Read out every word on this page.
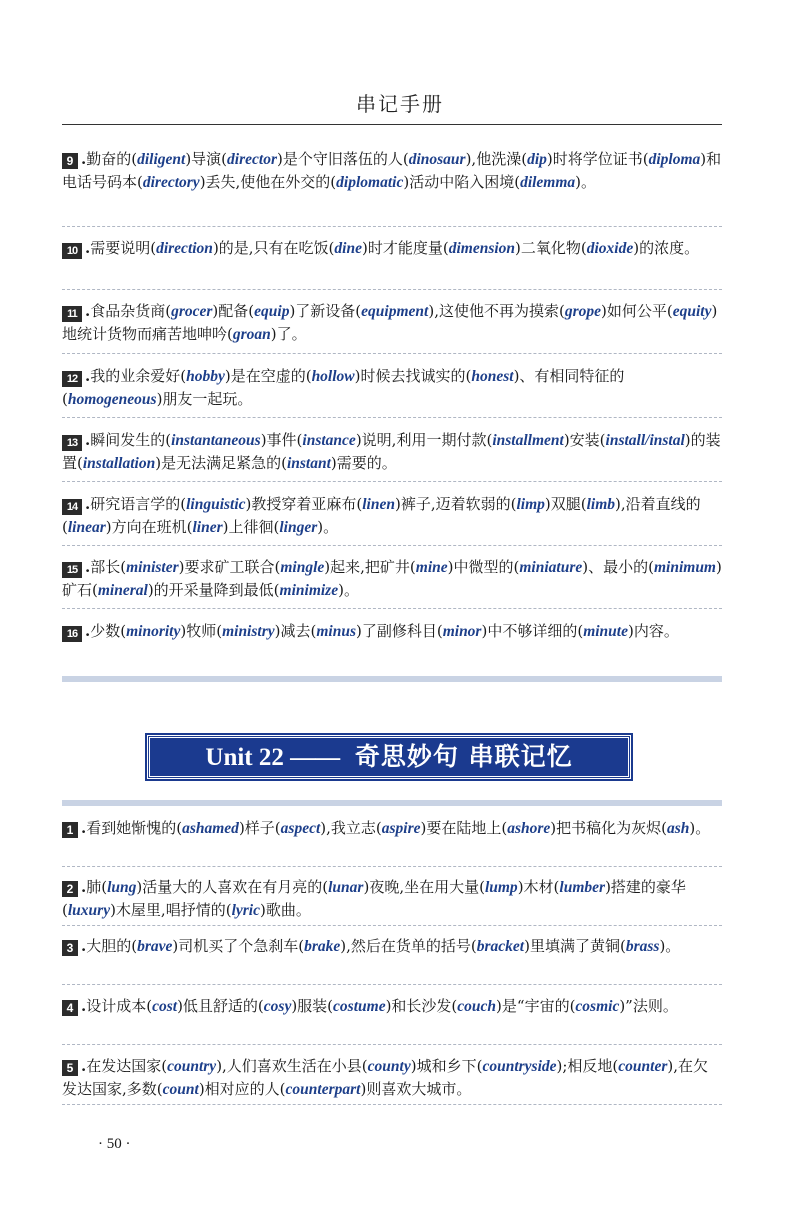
串记手册
9 .勤奋的(diligent)导演(director)是个守旧落伍的人(dinosaur),他洗澡(dip)时将学位证书(diploma)和电话号码本(directory)丢失,使他在外交的(diplomatic)活动中陷入困境(dilemma)。
10 .需要说明(direction)的是,只有在吃饭(dine)时才能度量(dimension)二氧化物(dioxide)的浓度。
11 .食品杂货商(grocer)配备(equip)了新设备(equipment),这使他不再为摸索(grope)如何公平(equity)地统计货物而痛苦地呻吟(groan)了。
12 .我的业余爱好(hobby)是在空虚的(hollow)时候去找诚实的(honest)、有相同特征的(homogeneous)朋友一起玩。
13 .瞬间发生的(instantaneous)事件(instance)说明,利用一期付款(installment)安装(install/instal)的装置(installation)是无法满足紧急的(instant)需要的。
14 .研究语言学的(linguistic)教授穿着亚麻布(linen)裤子,迈着软弱的(limp)双腿(limb),沿着直线的(linear)方向在班机(liner)上徘徊(linger)。
15 .部长(minister)要求矿工联合(mingle)起来,把矿井(mine)中微型的(miniature)、最小的(minimum)矿石(mineral)的开采量降到最低(minimize)。
16 .少数(minority)牧师(ministry)减去(minus)了副修科目(minor)中不够详细的(minute)内容。
Unit 22 —— 奇思妙句 串联记忆
1 .看到她惭愧的(ashamed)样子(aspect),我立志(aspire)要在陆地上(ashore)把书稿化为灰烬(ash)。
2 .肺(lung)活量大的人喜欢在有月亮的(lunar)夜晚,坐在用大量(lump)木材(lumber)搭建的豪华(luxury)木屋里,唱抒情的(lyric)歌曲。
3 .大胆的(brave)司机买了个急刹车(brake),然后在货单的括号(bracket)里填满了黄铜(brass)。
4 .设计成本(cost)低且舒适的(cosy)服装(costume)和长沙发(couch)是“宇宙的(cosmic)”法则。
5 .在发达国家(country),人们喜欢生活在小县(county)城和乡下(countryside);相反地(counter),在欠发达国家,多数(count)相对应的人(counterpart)则喜欢大城市。
· 50 ·
